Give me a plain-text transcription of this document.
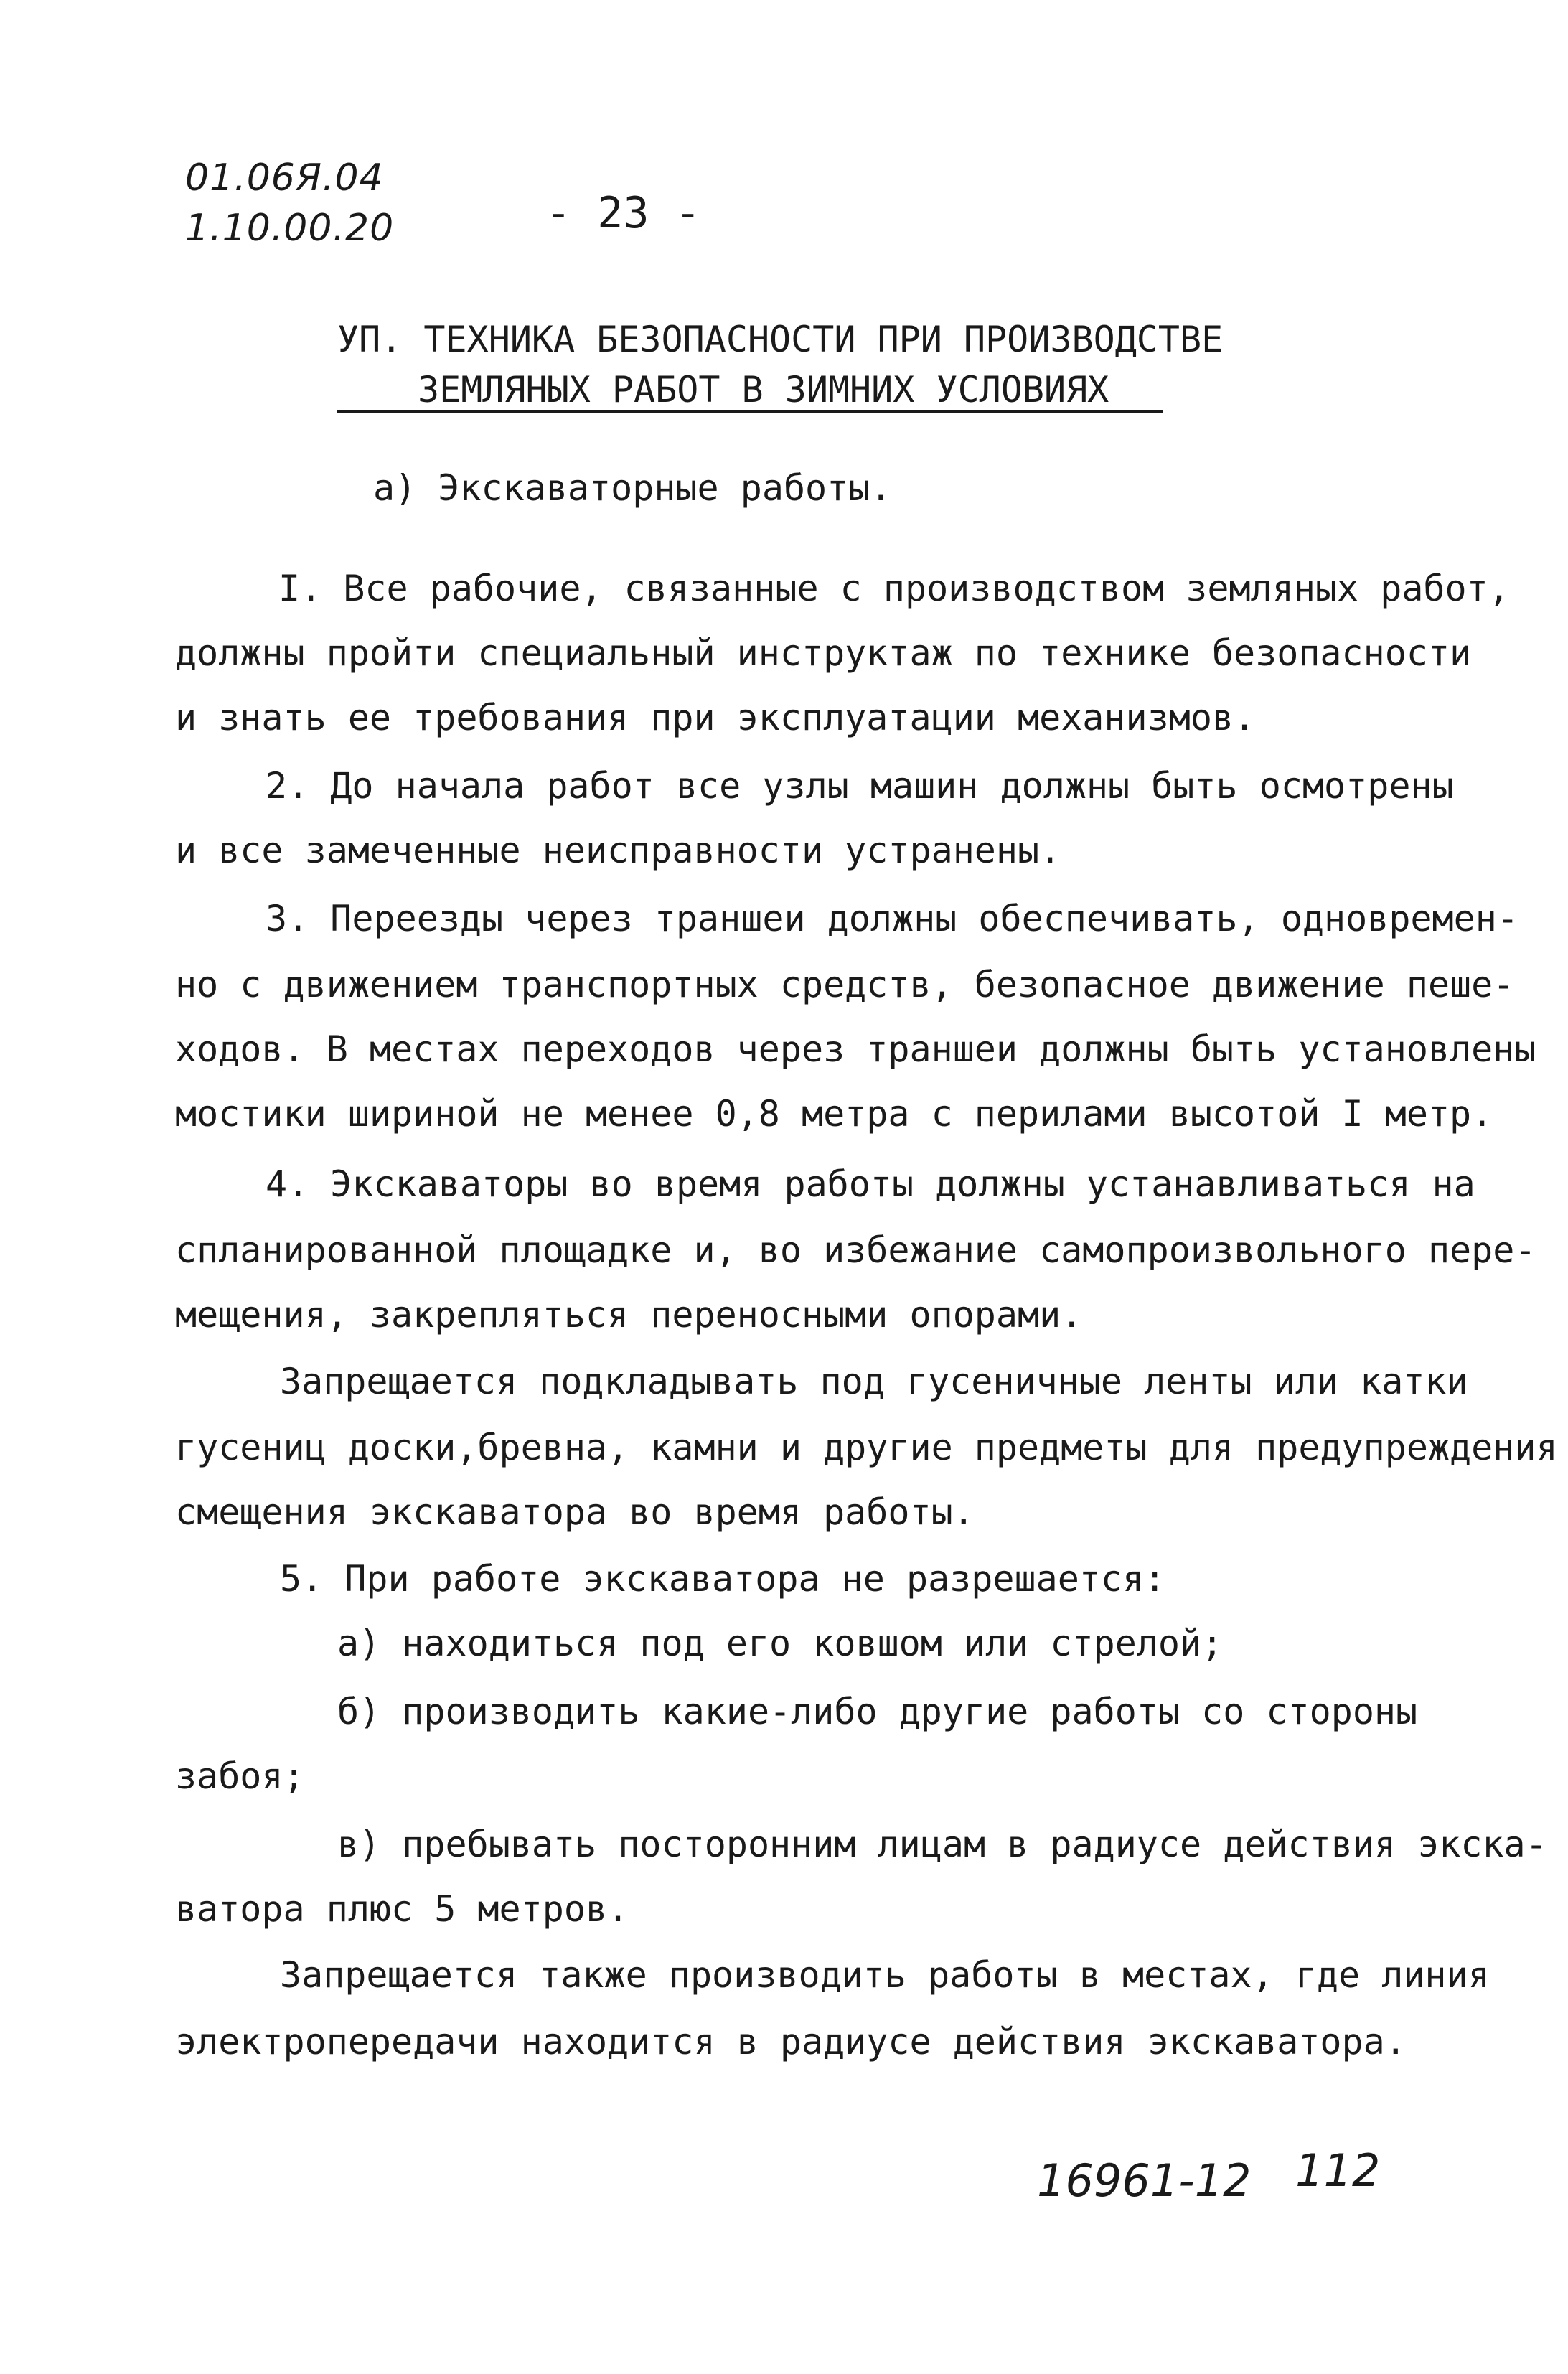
01.06Я.04
1.10.00.20	- 23 -
УП. ТЕХНИКА БЕЗОПАСНОСТИ ПРИ ПРОИЗВОДСТВЕ
ЗЕМЛЯНЫХ РАБОТ В ЗИМНИХ УСЛОВИЯХ
а) Экскаваторные работы.
I. Все рабочие, связанные с производством земляных работ,
должны пройти специальный инструктаж по технике безопасности
и знать ее требования при эксплуатации механизмов.
2. До начала работ все узлы машин должны быть осмотрены
и все замеченные неисправности устранены.
3. Переезды через траншеи должны обеспечивать, одновремен-
но с движением транспортных средств, безопасное движение пеше-
ходов. В местах переходов через траншеи должны быть установлены
мостики шириной не менее 0,8 метра с перилами высотой I метр.
4. Экскаваторы во время работы должны устанавливаться на
спланированной площадке и, во избежание самопроизвольного пере-
мещения, закрепляться переносными опорами.
Запрещается подкладывать под гусеничные ленты или катки
гусениц доски,бревна, камни и другие предметы для предупреждения
смещения экскаватора во время работы.
5. При работе экскаватора не разрешается:
а) находиться под его ковшом или стрелой;
б) производить какие-либо другие работы со стороны
забоя;
в) пребывать посторонним лицам в радиусе действия экска-
ватора плюс 5 метров.
Запрещается также производить работы в местах, где линия
электропередачи находится в радиусе действия экскаватора.
16961-12 112
